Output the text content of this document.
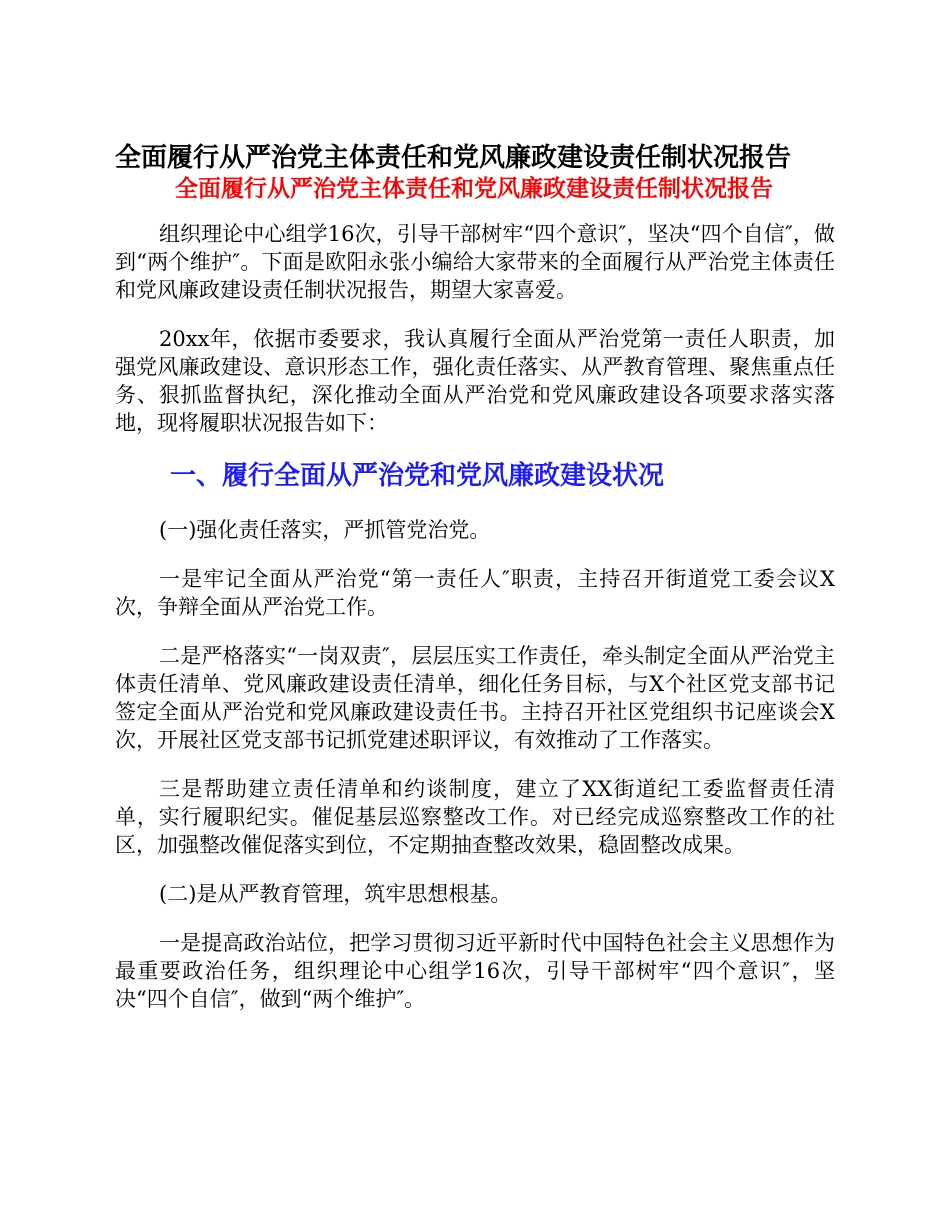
全面履行从严治党主体责任和党风廉政建设责任制状况报告
全面履行从严治党主体责任和党风廉政建设责任制状况报告

组织理论中心组学16次，引导干部树牢“四个意识″，坚决“四个自信″，做到“两个维护″。下面是欧阳永张小编给大家带来的全面履行从严治党主体责任和党风廉政建设责任制状况报告，期望大家喜爱。

20xx年，依据市委要求，我认真履行全面从严治党第一责任人职责，加强党风廉政建设、意识形态工作，强化责任落实、从严教育管理、聚焦重点任务、狠抓监督执纪，深化推动全面从严治党和党风廉政建设各项要求落实落地，现将履职状况报告如下：

一、履行全面从严治党和党风廉政建设状况

(一)强化责任落实，严抓管党治党。

一是牢记全面从严治党“第一责任人″职责，主持召开街道党工委会议X次，争辩全面从严治党工作。

二是严格落实“一岗双责″，层层压实工作责任，牵头制定全面从严治党主体责任清单、党风廉政建设责任清单，细化任务目标，与X个社区党支部书记签定全面从严治党和党风廉政建设责任书。主持召开社区党组织书记座谈会X次，开展社区党支部书记抓党建述职评议，有效推动了工作落实。

三是帮助建立责任清单和约谈制度，建立了XX街道纪工委监督责任清单，实行履职纪实。催促基层巡察整改工作。对已经完成巡察整改工作的社区，加强整改催促落实到位，不定期抽查整改效果，稳固整改成果。

(二)是从严教育管理，筑牢思想根基。

一是提高政治站位，把学习贯彻习近平新时代中国特色社会主义思想作为最重要政治任务，组织理论中心组学16次，引导干部树牢“四个意识″，坚决“四个自信″，做到“两个维护″。
